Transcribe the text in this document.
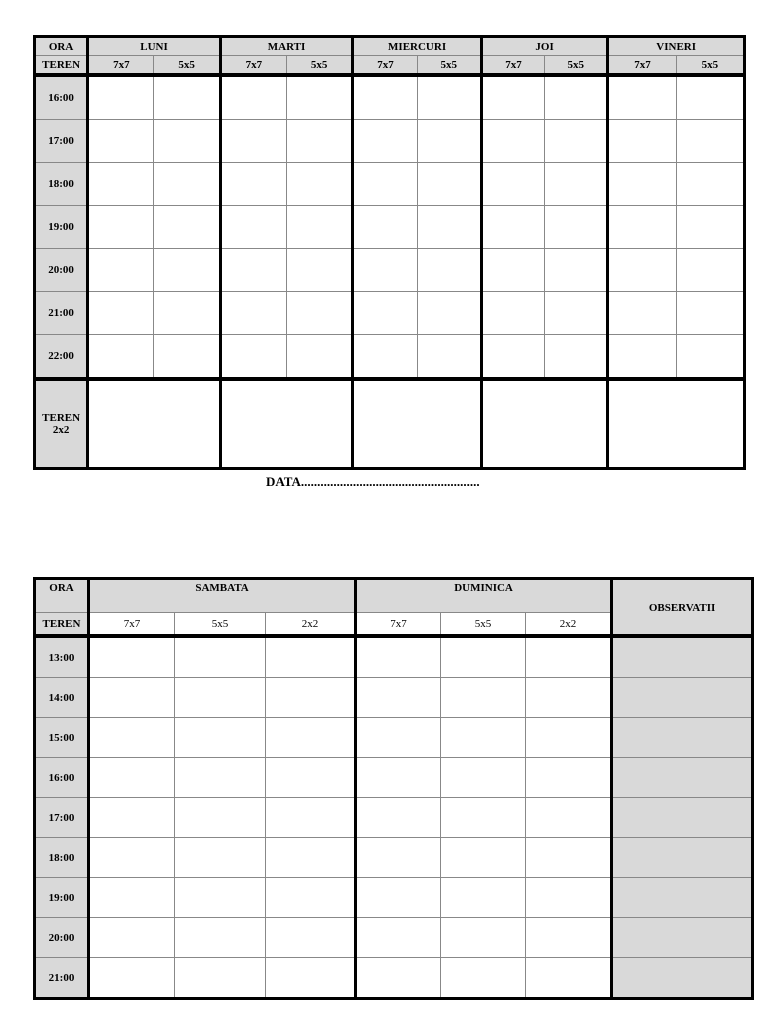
ORA	LUNI		MARTI		MIERCURI		JOI		VINERI	
TEREN	7x7	5x5	7x7	5x5	7x7	5x5	7x7	5x5	7x7	5x5
16:00										
17:00										
18:00										
19:00										
20:00										
21:00										
22:00										
TEREN
2x2										
DATA.......................................................
ORA	SAMBATA			DUMINICA			OBSERVATII
TEREN	7x7	5x5	2x2	7x7	5x5	2x2	
13:00							
14:00							
15:00							
16:00							
17:00							
18:00							
19:00							
20:00							
21:00							
